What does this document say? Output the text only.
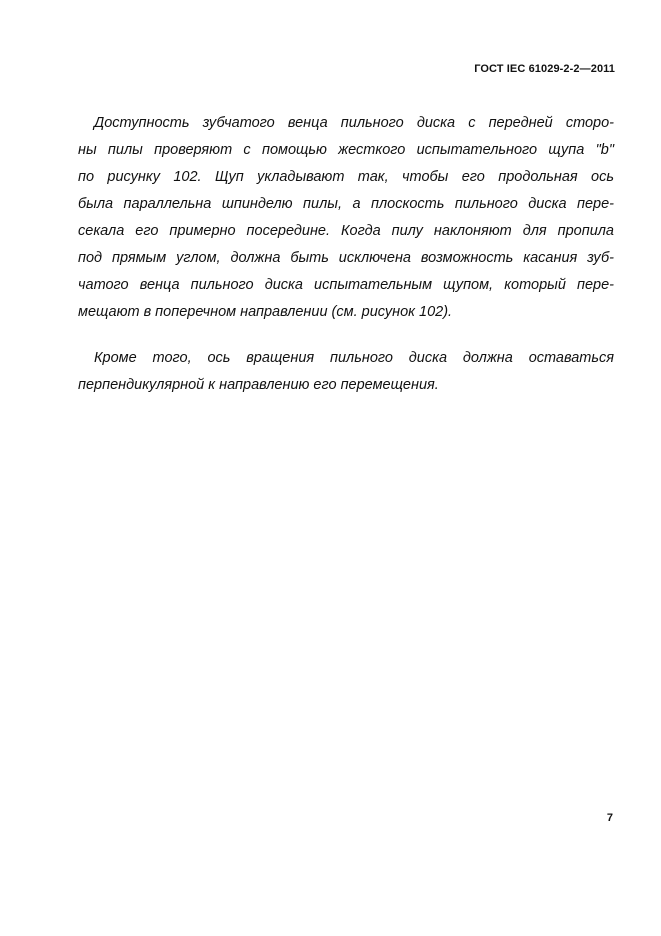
ГОСТ IEC 61029-2-2—2011
Доступность зубчатого венца пильного диска с передней сторо-
ны пилы проверяют с помощью жесткого испытательного щупа "b"
по рисунку 102. Щуп укладывают так, чтобы его продольная ось
была параллельна шпинделю пилы, а плоскость пильного диска пере-
секала его примерно посередине. Когда пилу наклоняют для пропила
под прямым углом, должна быть исключена возможность касания зуб-
чатого венца пильного диска испытательным щупом, который пере-
мещают в поперечном направлении (см. рисунок 102).
Кроме того, ось вращения пильного диска должна оставаться
перпендикулярной к направлению его перемещения.
7
